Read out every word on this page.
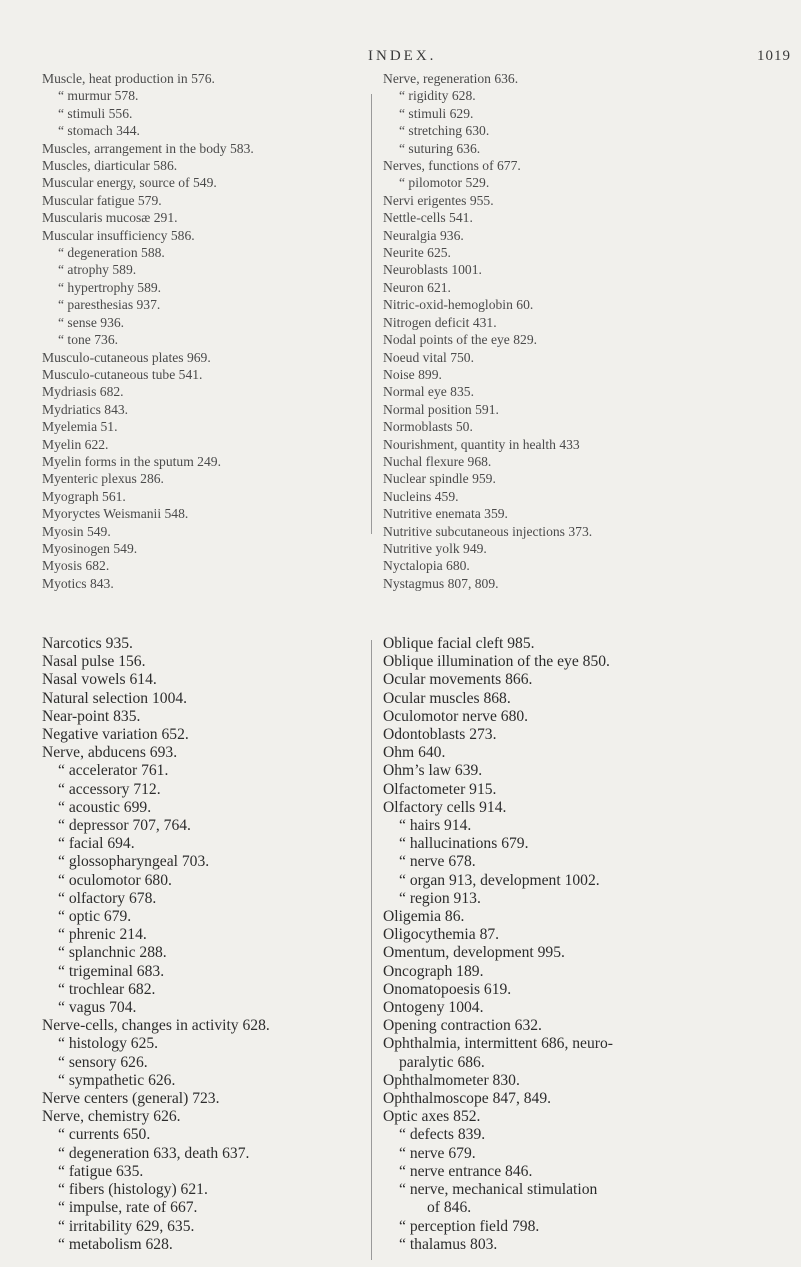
INDEX.	1019
Muscle, heat production in 576.
“ murmur 578.
“ stimuli 556.
“ stomach 344.
Muscles, arrangement in the body 583.
Muscles, diarticular 586.
Muscular energy, source of 549.
Muscular fatigue 579.
Muscularis mucosæ 291.
Muscular insufficiency 586.
“ degeneration 588.
“ atrophy 589.
“ hypertrophy 589.
“ paresthesias 937.
“ sense 936.
“ tone 736.
Musculo-cutaneous plates 969.
Musculo-cutaneous tube 541.
Mydriasis 682.
Mydriatics 843.
Myelemia 51.
Myelin 622.
Myelin forms in the sputum 249.
Myenteric plexus 286.
Myograph 561.
Myoryctes Weismanii 548.
Myosin 549.
Myosinogen 549.
Myosis 682.
Myotics 843.
Nerve, regeneration 636.
“ rigidity 628.
“ stimuli 629.
“ stretching 630.
“ suturing 636.
Nerves, functions of 677.
“ pilomotor 529.
Nervi erigentes 955.
Nettle-cells 541.
Neuralgia 936.
Neurite 625.
Neuroblasts 1001.
Neuron 621.
Nitric-oxid-hemoglobin 60.
Nitrogen deficit 431.
Nodal points of the eye 829.
Noeud vital 750.
Noise 899.
Normal eye 835.
Normal position 591.
Normoblasts 50.
Nourishment, quantity in health 433
Nuchal flexure 968.
Nuclear spindle 959.
Nucleins 459.
Nutritive enemata 359.
Nutritive subcutaneous injections 373.
Nutritive yolk 949.
Nyctalopia 680.
Nystagmus 807, 809.
Narcotics 935.
Nasal pulse 156.
Nasal vowels 614.
Natural selection 1004.
Near-point 835.
Negative variation 652.
Nerve, abducens 693.
“ accelerator 761.
“ accessory 712.
“ acoustic 699.
“ depressor 707, 764.
“ facial 694.
“ glossopharyngeal 703.
“ oculomotor 680.
“ olfactory 678.
“ optic 679.
“ phrenic 214.
“ splanchnic 288.
“ trigeminal 683.
“ trochlear 682.
“ vagus 704.
Nerve-cells, changes in activity 628.
“ histology 625.
“ sensory 626.
“ sympathetic 626.
Nerve centers (general) 723.
Nerve, chemistry 626.
“ currents 650.
“ degeneration 633, death 637.
“ fatigue 635.
“ fibers (histology) 621.
“ impulse, rate of 667.
“ irritability 629, 635.
“ metabolism 628.
Oblique facial cleft 985.
Oblique illumination of the eye 850.
Ocular movements 866.
Ocular muscles 868.
Oculomotor nerve 680.
Odontoblasts 273.
Ohm 640.
Ohm’s law 639.
Olfactometer 915.
Olfactory cells 914.
“ hairs 914.
“ hallucinations 679.
“ nerve 678.
“ organ 913, development 1002.
“ region 913.
Oligemia 86.
Oligocythemia 87.
Omentum, development 995.
Oncograph 189.
Onomatopoesis 619.
Ontogeny 1004.
Opening contraction 632.
Ophthalmia, intermittent 686, neuro-
paralytic 686.
Ophthalmometer 830.
Ophthalmoscope 847, 849.
Optic axes 852.
“ defects 839.
“ nerve 679.
“ nerve entrance 846.
“ nerve, mechanical stimulation
of 846.
“ perception field 798.
“ thalamus 803.
